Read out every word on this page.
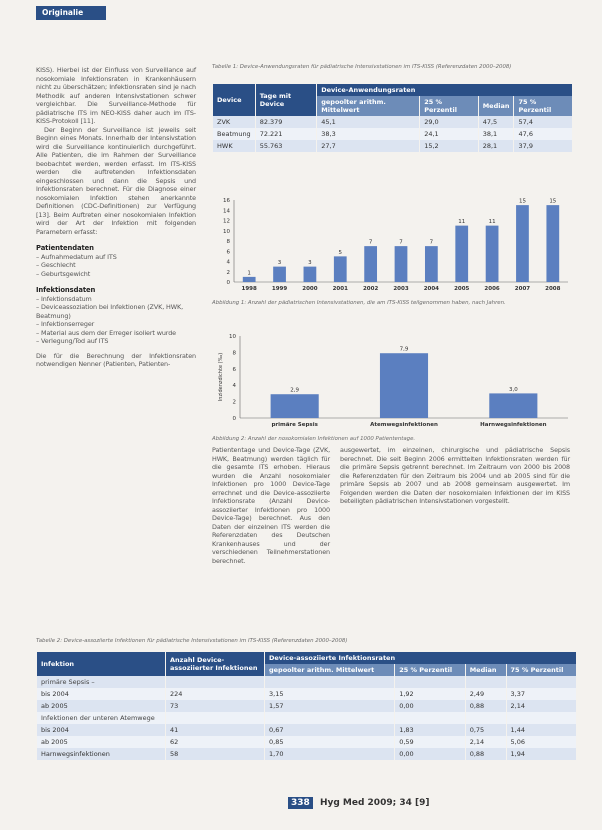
Originalie

KISS). Hierbei ist der Einfluss von Surveillance auf nosokomiale Infektionsraten in Krankenhäusern nicht zu überschätzen; Infektionsraten sind je nach Methodik auf anderen Intensivstationen schwer vergleichbar. Die Surveillance-Methode für pädiatrische ITS im NEO-KISS daher auch im ITS-KISS-Protokoll [11].

Der Beginn der Surveillance ist jeweils seit Beginn eines Monats. Innerhalb der Intensivstation wird die Surveillance kontinuierlich durchgeführt. Alle Patienten, die im Rahmen der Surveillance beobachtet werden, werden erfasst. Im ITS-KISS werden die auftretenden Infektionsdaten eingeschlossen und dann die Sepsis und Infektionsraten berechnet. Für die Diagnose einer nosokomialen Infektion stehen anerkannte Definitionen (CDC-Definitionen) zur Verfügung [13]. Beim Auftreten einer nosokomialen Infektion wird der Art der Infektion mit folgenden Parametern erfasst:

Patientendaten
– Aufnahmedatum auf ITS
– Geschlecht
– Geburtsgewicht
Infektionsdaten
– Infektionsdatum
– Deviceassoziation bei Infektionen (ZVK, HWK, Beatmung)
– Infektionserreger
– Material aus dem der Erreger isoliert wurde
– Verlegung/Tod auf ITS

Die für die Berechnung der Infektionsraten notwendigen Nenner (Patienten, Patienten-

Tabelle 1: Device-Anwendungsraten für pädiatrische Intensivstationen im ITS-KISS (Referenzdaten 2000–2008)
Device	Tage mit Device	Device-Anwendungsraten			
		gepoolter arithm. Mittelwert	25 % Perzentil	Median	75 % Perzentil
ZVK	82.379	45,1	29,0	47,5	57,4
Beatmung	72.221	38,3	24,1	38,1	47,6
HWK	55.763	27,7	15,2	28,1	37,9
0
2
4
6
8
10
12
14
16
1
1998
3
1999
3
2000
5
2001
7
2002
7
2003
7
2004
11
2005
11
2006
15
2007
15
2008
Abbildung 1: Anzahl der pädiatrischen Intensivstationen, die am ITS-KISS teilgenommen haben, nach Jahren.
0
2
4
6
8
10
Inzidenzdichte (‰)	2,9
primäre Sepsis
7,9
Atemwegsinfektionen
3,0
Harnwegsinfektionen
Abbildung 2: Anzahl der nosokomialen Infektionen auf 1000 Patiententage.

Patiententage und Device-Tage (ZVK, HWK, Beatmung) werden täglich für die gesamte ITS erhoben. Hieraus wurden die Anzahl nosokomialer Infektionen pro 1000 Device-Tage errechnet und die Device-assoziierte Infektionsrate (Anzahl Device-assoziierter Infektionen pro 1000 Device-Tage) berechnet. Aus den Daten der einzelnen ITS werden die Referenzdaten des Deutschen Krankenhauses und der verschiedenen Teilnehmerstationen berechnet.

ausgewertet, im einzelnen, chirurgische und pädiatrische Sepsis berechnet. Die seit Beginn 2006 ermittelten Infektionsraten werden für die primäre Sepsis getrennt berechnet. Im Zeitraum von 2000 bis 2008 die Referenzdaten für den Zeitraum bis 2004 und ab 2005 sind für die primäre Sepsis ab 2007 und ab 2008 gemeinsam ausgewertet. Im Folgenden werden die Daten der nosokomialen Infektionen der im KISS beteiligten pädiatrischen Intensivstationen vorgestellt.

Tabelle 2: Device-assoziierte Infektionen für pädiatrische Intensivstationen im ITS-KISS (Referenzdaten 2000–2008)
Infektion	Anzahl Device-assoziierter Infektionen	Device-assoziierte Infektionsraten			
		gepoolter arithm. Mittelwert	25 % Perzentil	Median	75 % Perzentil
primäre Sepsis –					
bis 2004	224	3,15	1,92	2,49	3,37
ab 2005	73	1,57	0,00	0,88	2,14
Infektionen der unteren Atemwege					
bis 2004	41	0,67	1,83	0,75	1,44
ab 2005	62	0,85	0,59	2,14	5,06
Harnwegsinfektionen	58	1,70	0,00	0,88	1,94
338 Hyg Med 2009; 34 [9]
